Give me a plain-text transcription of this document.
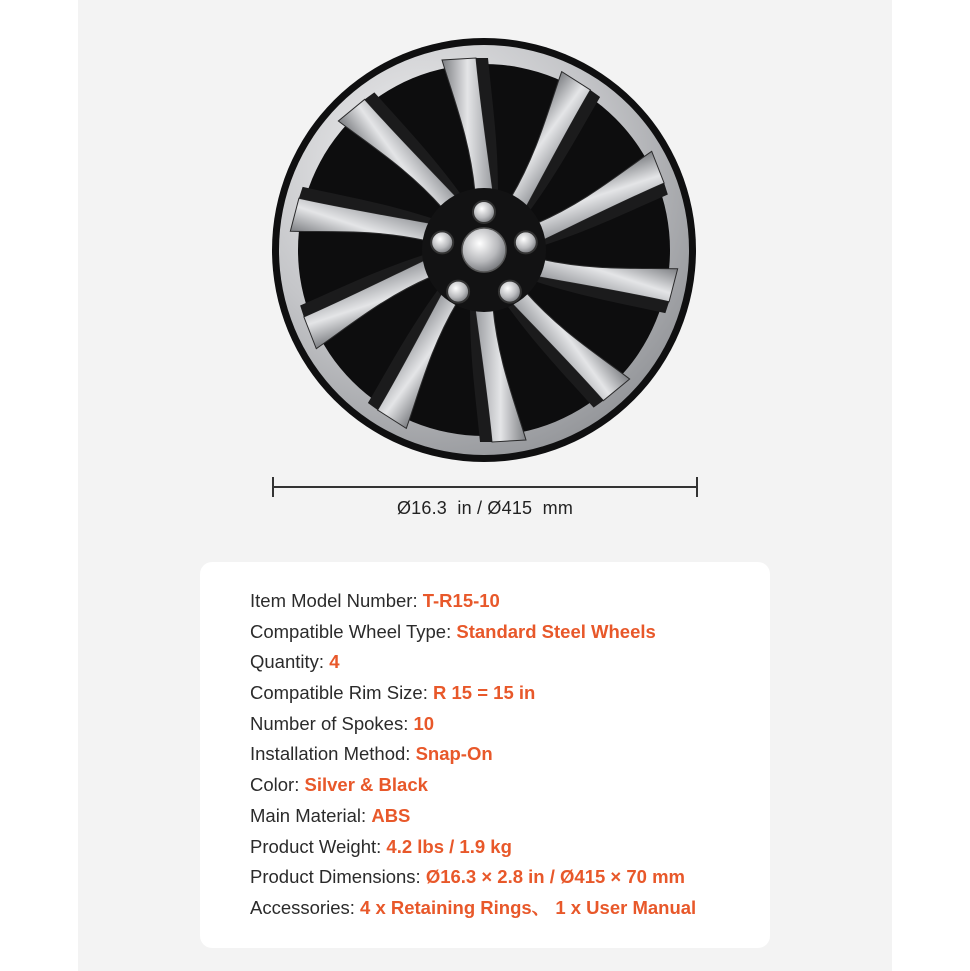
Ø16.3  in / Ø415  mm
Item Model Number: T-R15-10
Compatible Wheel Type: Standard Steel Wheels
Quantity: 4
Compatible Rim Size: R 15 = 15 in
Number of Spokes: 10
Installation Method: Snap-On
Color: Silver & Black
Main Material: ABS
Product Weight: 4.2 lbs / 1.9 kg
Product Dimensions: Ø16.3 × 2.8 in / Ø415 × 70 mm
Accessories: 4 x Retaining Rings、 1 x User Manual
